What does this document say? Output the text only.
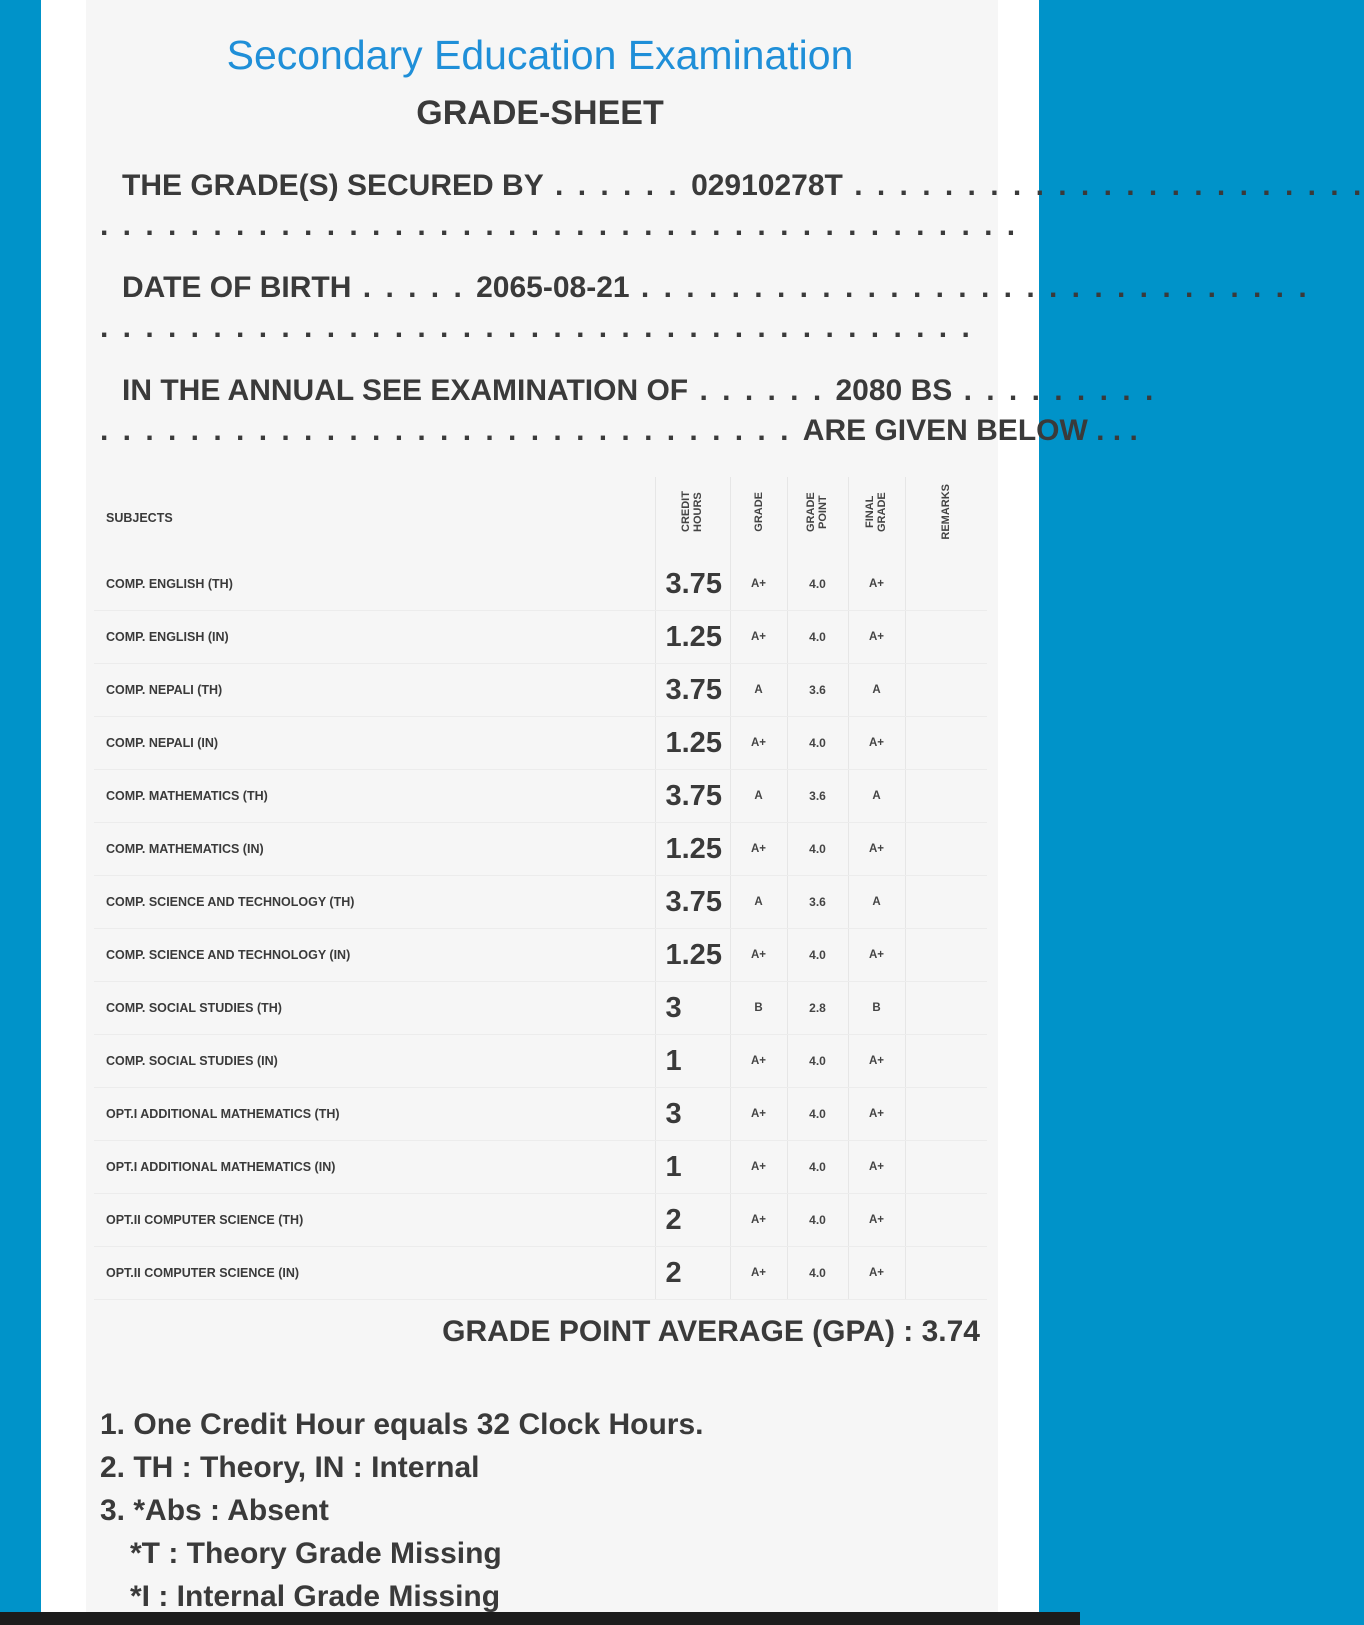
Secondary Education Examination
GRADE-SHEET
THE GRADE(S) SECURED BY . . . . . . 02910278T . . . . . . . . . . . . . . . . . . . . . . .
. . . . . . . . . . . . . . . . . . . . . . . . . . . . . . . . . . . . . . . . .
DATE OF BIRTH . . . . . 2065-08-21 . . . . . . . . . . . . . . . . . . . . . . . . . . . . . .
. . . . . . . . . . . . . . . . . . . . . . . . . . . . . . . . . . . . . . .
IN THE ANNUAL SEE EXAMINATION OF . . . . . . 2080 BS . . . . . . . . .
. . . . . . . . . . . . . . . . . . . . . . . . . . . . . . . ARE GIVEN BELOW . . .
SUBJECTS	CREDIT HOURS	GRADE	GRADE POINT	FINAL GRADE	REMARKS
COMP. ENGLISH (TH)	3.75	A+	4.0	A+	
COMP. ENGLISH (IN)	1.25	A+	4.0	A+	
COMP. NEPALI (TH)	3.75	A	3.6	A	
COMP. NEPALI (IN)	1.25	A+	4.0	A+	
COMP. MATHEMATICS (TH)	3.75	A	3.6	A	
COMP. MATHEMATICS (IN)	1.25	A+	4.0	A+	
COMP. SCIENCE AND TECHNOLOGY (TH)	3.75	A	3.6	A	
COMP. SCIENCE AND TECHNOLOGY (IN)	1.25	A+	4.0	A+	
COMP. SOCIAL STUDIES (TH)	3	B	2.8	B	
COMP. SOCIAL STUDIES (IN)	1	A+	4.0	A+	
OPT.I ADDITIONAL MATHEMATICS (TH)	3	A+	4.0	A+	
OPT.I ADDITIONAL MATHEMATICS (IN)	1	A+	4.0	A+	
OPT.II COMPUTER SCIENCE (TH)	2	A+	4.0	A+	
OPT.II COMPUTER SCIENCE (IN)	2	A+	4.0	A+	
GRADE POINT AVERAGE (GPA) : 3.74
1. One Credit Hour equals 32 Clock Hours.
2. TH : Theory, IN : Internal
3. *Abs : Absent
*T : Theory Grade Missing
*I : Internal Grade Missing
